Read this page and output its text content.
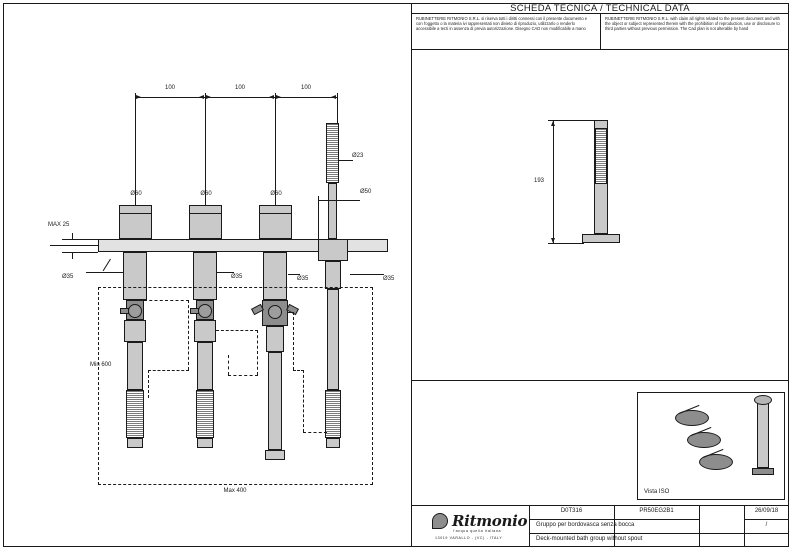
SCHEDA TECNICA / TECHNICAL DATA
RUBINETTERIE RITMONIO S.R.L. si riserva tutti i diritti connessi con il presente documento e con l'oggetto o la materia ivi rappresentati non divieto di riproduzio, utilizzarlo o renderlo accessibile a terzi in assenza di previa autorizzazione. Disegno CAD non modificabile a mano
RUBINETTERIE RITMONIO S.R.L. with claim all rights related to the present document and with the object or subject represented therein with the prohibition of reproduction, use or disclosure to third parties without previous permission. The Cad plan is not alterable by hand
100	100	100
MAX 25
Ø60
Ø35
Ø60
Ø35
Ø60
Ø35
Ø23
Ø50
Ø35
Min 600
Max 400
193
Vista ISO
Ritmonio
l'acqua quella italiana
13019 VARALLO - (VC) - ITALY
D0T316	PR50EG2B1	26/09/18
/
Gruppo per bordovasca senza bocca
Deck-mounted bath group without spout
